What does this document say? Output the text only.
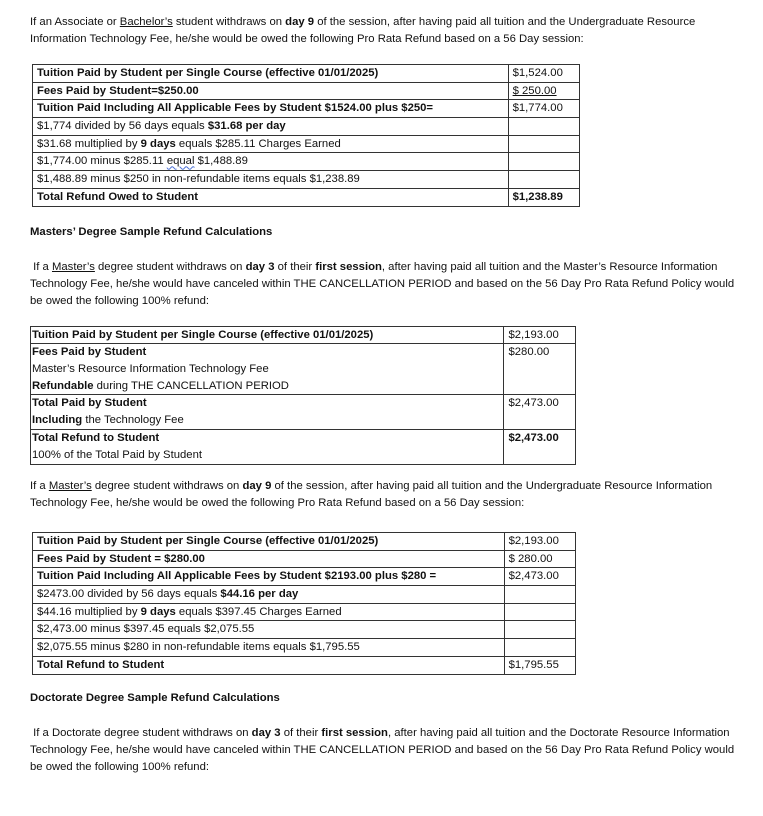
If an Associate or Bachelor’s student withdraws on day 9 of the session, after having paid all tuition and the Undergraduate Resource Information Technology Fee, he/she would be owed the following Pro Rata Refund based on a 56 Day session:

Tuition Paid by Student per Single Course (effective 01/01/2025)	$1,524.00
Fees Paid by Student=$250.00	$ 250.00
Tuition Paid Including All Applicable Fees by Student $1524.00 plus $250=	$1,774.00
$1,774 divided by 56 days equals $31.68 per day	
$31.68 multiplied by 9 days equals $285.11 Charges Earned	
$1,774.00 minus $285.11 equal $1,488.89	
$1,488.89 minus $250 in non-refundable items equals $1,238.89	
Total Refund Owed to Student	$1,238.89

Masters’ Degree Sample Refund Calculations

If a Master’s degree student withdraws on day 3 of their first session, after having paid all tuition and the Master’s Resource Information Technology Fee, he/she would have canceled within THE CANCELLATION PERIOD and based on the 56 Day Pro Rata Refund Policy would be owed the following 100% refund:

Tuition Paid by Student per Single Course (effective 01/01/2025)	$2,193.00

Fees Paid by Student
Master’s Resource Information Technology Fee
Refundable during THE CANCELLATION PERIOD	$280.00

Total Paid by Student
Including the Technology Fee	$2,473.00

Total Refund to Student
100% of the Total Paid by Student	$2,473.00

If a Master’s degree student withdraws on day 9 of the session, after having paid all tuition and the Undergraduate Resource Information Technology Fee, he/she would be owed the following Pro Rata Refund based on a 56 Day session:

Tuition Paid by Student per Single Course (effective 01/01/2025)	$2,193.00
Fees Paid by Student = $280.00	$ 280.00
Tuition Paid Including All Applicable Fees by Student $2193.00 plus $280 =	$2,473.00
$2473.00 divided by 56 days equals $44.16 per day	
$44.16 multiplied by 9 days equals $397.45 Charges Earned	
$2,473.00 minus $397.45 equals $2,075.55	
$2,075.55 minus $280 in non-refundable items equals $1,795.55	
Total Refund to Student	$1,795.55

Doctorate Degree Sample Refund Calculations

If a Doctorate degree student withdraws on day 3 of their first session, after having paid all tuition and the Doctorate Resource Information Technology Fee, he/she would have canceled within THE CANCELLATION PERIOD and based on the 56 Day Pro Rata Refund Policy would be owed the following 100% refund:
